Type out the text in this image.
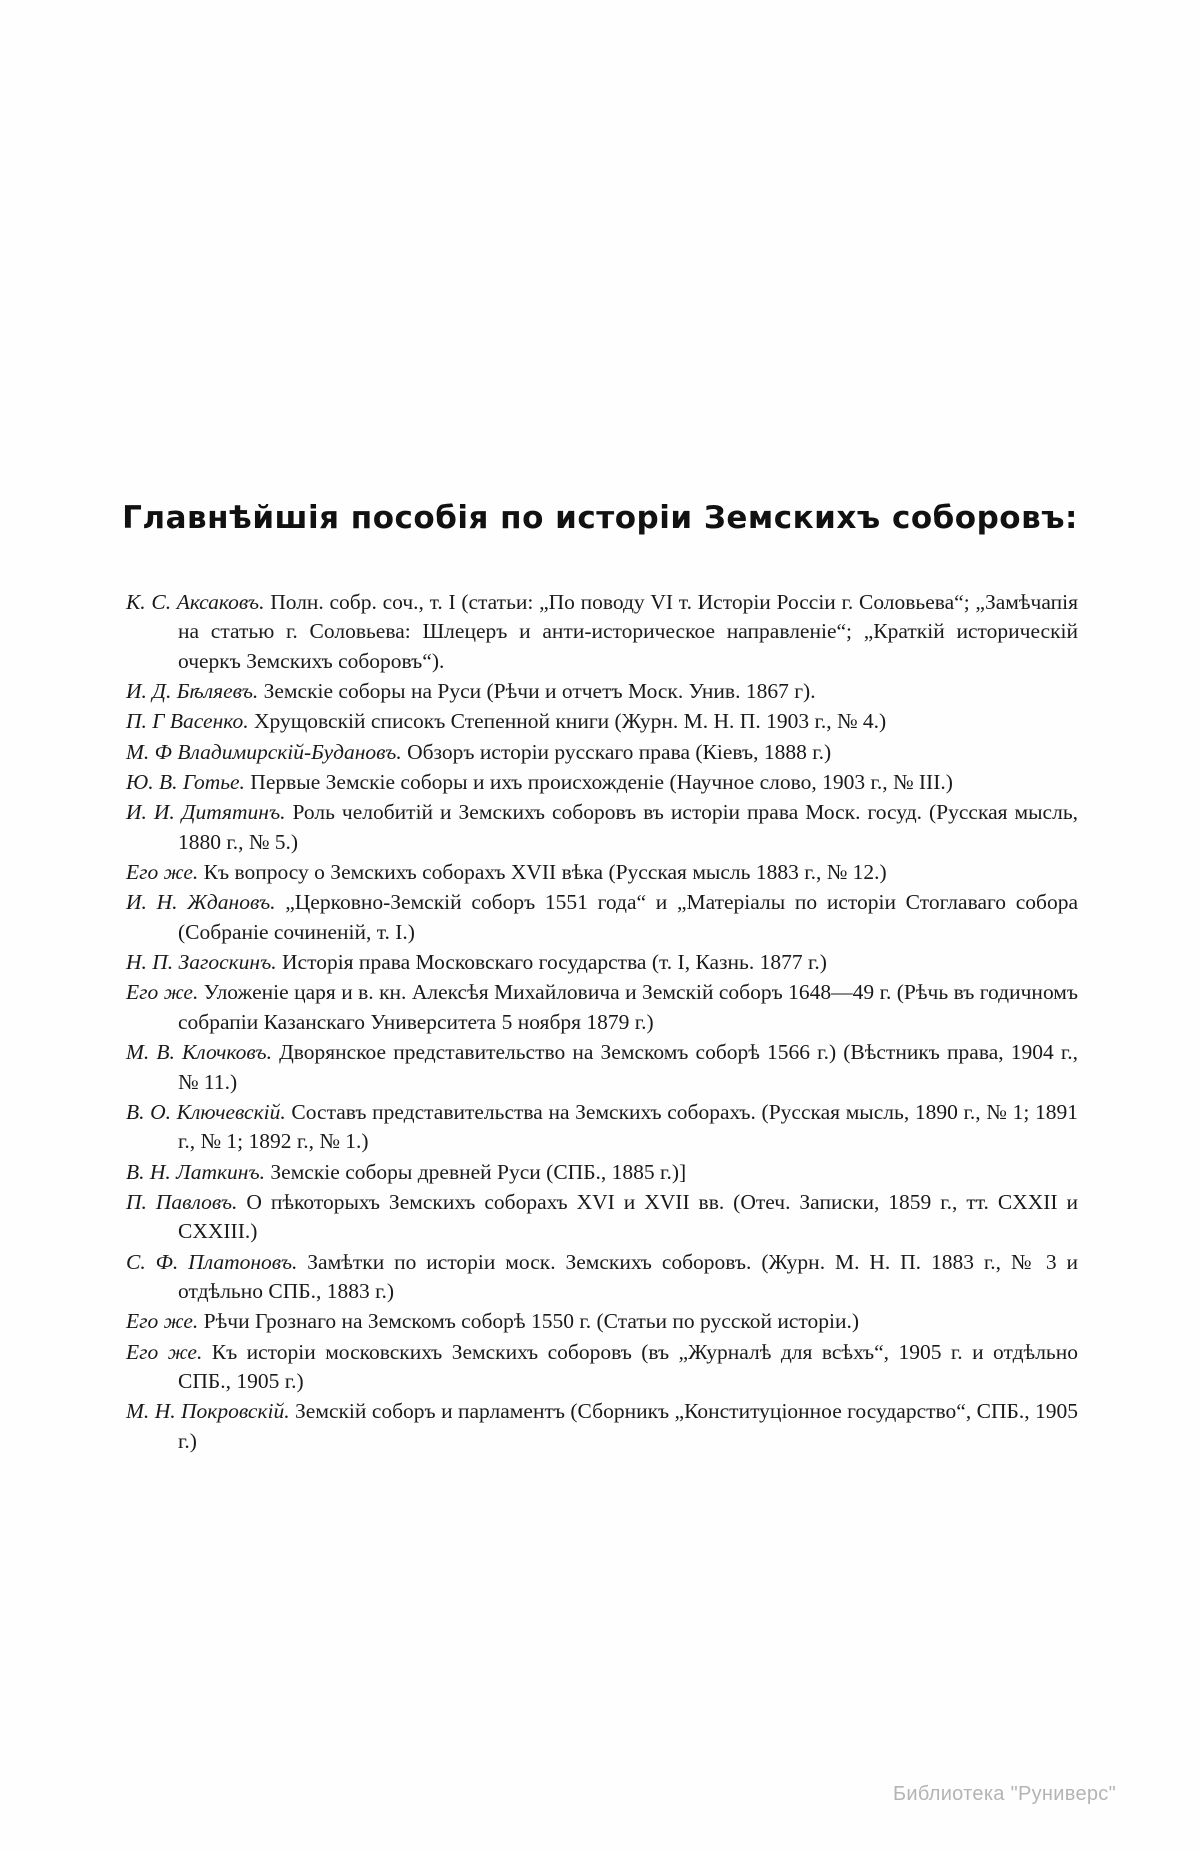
Главнѣйшія пособія по исторіи Земскихъ соборовъ:
К. С. Аксаковъ. Полн. собр. соч., т. I (статьи: „По поводу VI т. Исторіи Россіи г. Соловьева“; „Замѣчапія на статью г. Соловьева: Шлецеръ и анти-историческое направленіе“; „Краткій историческій очеркъ Земскихъ соборовъ“).
И. Д. Бѣляевъ. Земскіе соборы на Руси (Рѣчи и отчетъ Моск. Унив. 1867 г).
П. Г Васенко. Хрущовскій списокъ Степенной книги (Журн. М. Н. П. 1903 г., № 4.)
М. Ф Владимирскій-Будановъ. Обзоръ исторіи русскаго права (Кіевъ, 1888 г.)
Ю. В. Готье. Первые Земскіе соборы и ихъ происхожденіе (Научное слово, 1903 г., № III.)
И. И. Дитятинъ. Роль челобитій и Земскихъ соборовъ въ исторіи права Моск. госуд. (Русская мысль, 1880 г., № 5.)
Его же. Къ вопросу о Земскихъ соборахъ XVII вѣка (Русская мысль 1883 г., № 12.)
И. Н. Ждановъ. „Церковно-Земскій соборъ 1551 года“ и „Матеріалы по исторіи Стоглаваго собора (Собраніе сочиненій, т. I.)
Н. П. Загоскинъ. Исторія права Московскаго государства (т. I, Казнь. 1877 г.)
Его же. Уложеніе царя и в. кн. Алексѣя Михайловича и Земскій соборъ 1648—49 г. (Рѣчь въ годичномъ собрапіи Казанскаго Университета 5 ноября 1879 г.)
М. В. Клочковъ. Дворянское представительство на Земскомъ соборѣ 1566 г.) (Вѣстникъ права, 1904 г., № 11.)
В. О. Ключевскій. Составъ представительства на Земскихъ соборахъ. (Русская мысль, 1890 г., № 1; 1891 г., № 1; 1892 г., № 1.)
В. Н. Латкинъ. Земскіе соборы древней Руси (СПБ., 1885 г.)]
П. Павловъ. О пѣкоторыхъ Земскихъ соборахъ XVI и XVII вв. (Отеч. Записки, 1859 г., тт. CXXII и CXXIII.)
С. Ф. Платоновъ. Замѣтки по исторіи моск. Земскихъ соборовъ. (Журн. М. Н. П. 1883 г., № 3 и отдѣльно СПБ., 1883 г.)
Его же. Рѣчи Грознаго на Земскомъ соборѣ 1550 г. (Статьи по русской исторіи.)
Его же. Къ исторіи московскихъ Земскихъ соборовъ (въ „Журналѣ для всѣхъ“, 1905 г. и отдѣльно СПБ., 1905 г.)
М. Н. Покровскій. Земскій соборъ и парламентъ (Сборникъ „Конституціонное государство“, СПБ., 1905 г.)
Библиотека "Руниверс"
